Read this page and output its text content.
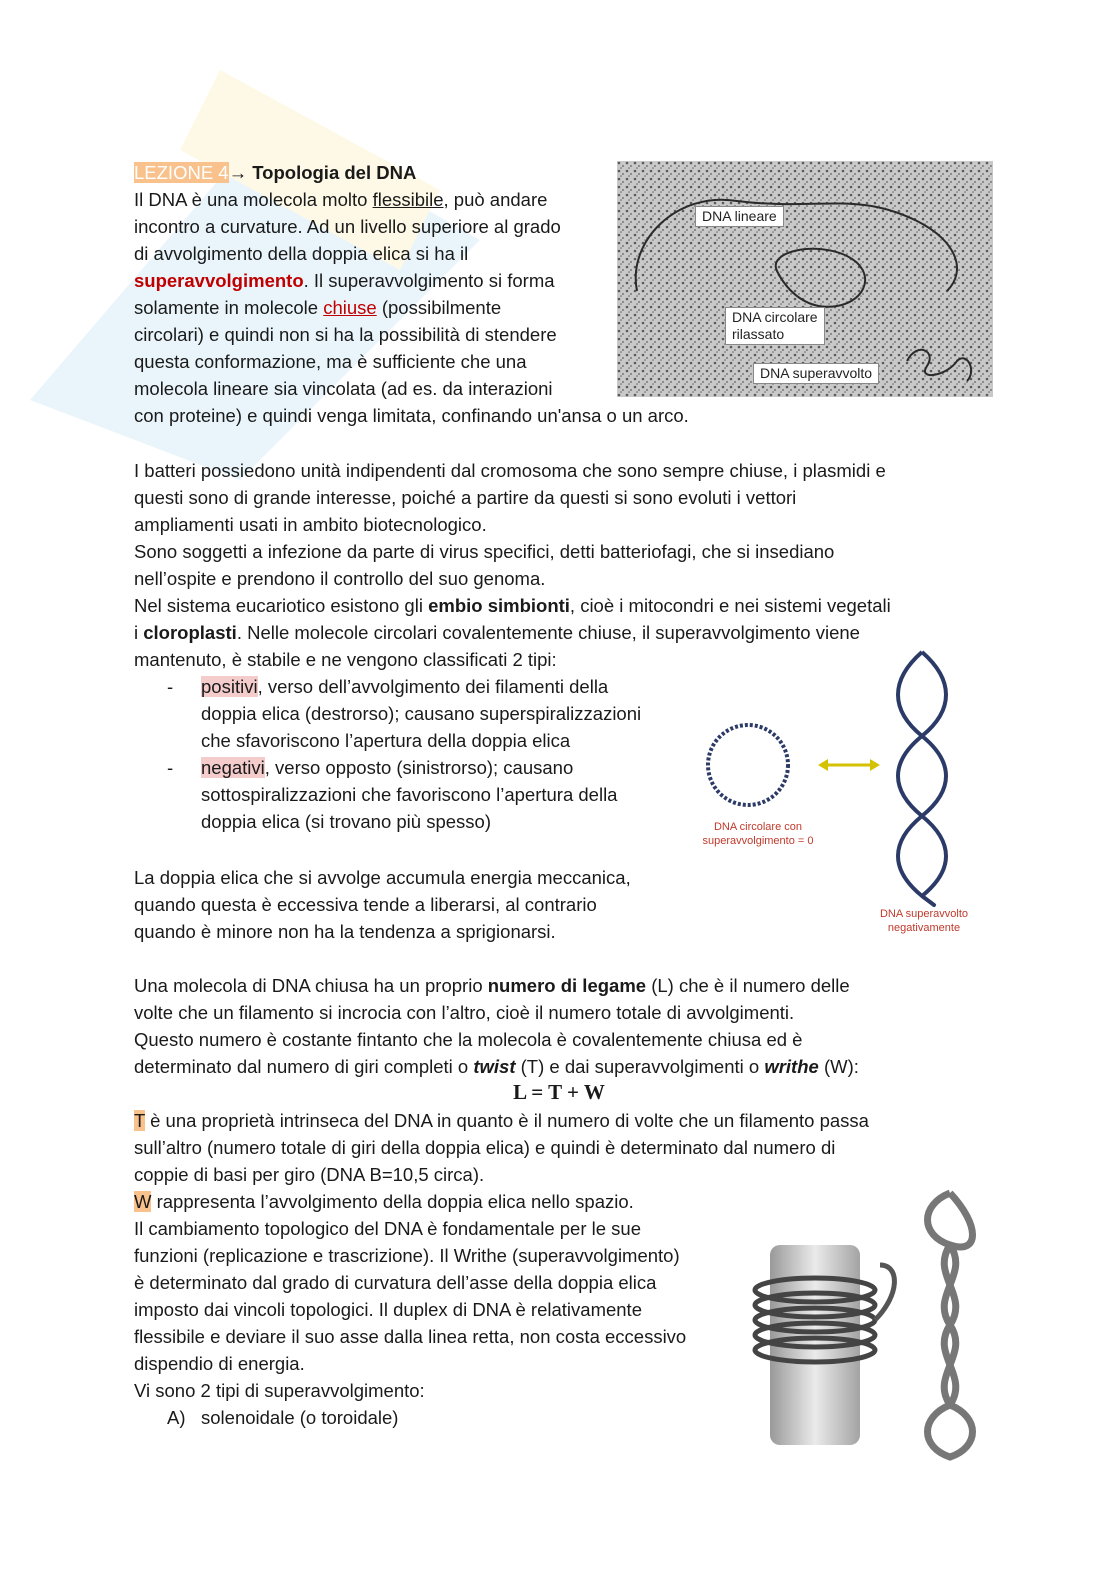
LEZIONE 4→ Topologia del DNA
Il DNA è una molecola molto flessibile, può andare
incontro a curvature. Ad un livello superiore al grado
di avvolgimento della doppia elica si ha il
superavvolgimento. Il superavvolgimento si forma
solamente in molecole chiuse (possibilmente
circolari) e quindi non si ha la possibilità di stendere
questa conformazione, ma è sufficiente che una
molecola lineare sia vincolata (ad es. da interazioni
con proteine) e quindi venga limitata, confinando un'ansa o un arco.
DNA lineare
DNA circolare
rilassato
DNA superavvolto
I batteri possiedono unità indipendenti dal cromosoma che sono sempre chiuse, i plasmidi e
questi sono di grande interesse, poiché a partire da questi si sono evoluti i vettori
ampliamenti usati in ambito biotecnologico.
Sono soggetti a infezione da parte di virus specifici, detti batteriofagi, che si insediano
nell’ospite e prendono il controllo del suo genoma.
Nel sistema eucariotico esistono gli embio simbionti, cioè i mitocondri e nei sistemi vegetali
i cloroplasti. Nelle molecole circolari covalentemente chiuse, il superavvolgimento viene
mantenuto, è stabile e ne vengono classificati 2 tipi:
- positivi, verso dell’avvolgimento dei filamenti della
doppia elica (destrorso); causano superspiralizzazioni
che sfavoriscono l’apertura della doppia elica
- negativi, verso opposto (sinistrorso); causano
sottospiralizzazioni che favoriscono l’apertura della
doppia elica (si trovano più spesso)	DNA circolare con
superavvolgimento = 0
DNA superavvolto
negativamente
La doppia elica che si avvolge accumula energia meccanica,
quando questa è eccessiva tende a liberarsi, al contrario
quando è minore non ha la tendenza a sprigionarsi.
Una molecola di DNA chiusa ha un proprio numero di legame (L) che è il numero delle
volte che un filamento si incrocia con l’altro, cioè il numero totale di avvolgimenti.
Questo numero è costante fintanto che la molecola è covalentemente chiusa ed è
determinato dal numero di giri completi o twist (T) e dai superavvolgimenti o writhe (W):
L = T + W
T è una proprietà intrinseca del DNA in quanto è il numero di volte che un filamento passa
sull’altro (numero totale di giri della doppia elica) e quindi è determinato dal numero di
coppie di basi per giro (DNA B=10,5 circa).
W rappresenta l’avvolgimento della doppia elica nello spazio.
Il cambiamento topologico del DNA è fondamentale per le sue
funzioni (replicazione e trascrizione). Il Writhe (superavvolgimento)
è determinato dal grado di curvatura dell’asse della doppia elica
imposto dai vincoli topologici. Il duplex di DNA è relativamente
flessibile e deviare il suo asse dalla linea retta, non costa eccessivo
dispendio di energia.
Vi sono 2 tipi di superavvolgimento:
A) solenoidale (o toroidale)
